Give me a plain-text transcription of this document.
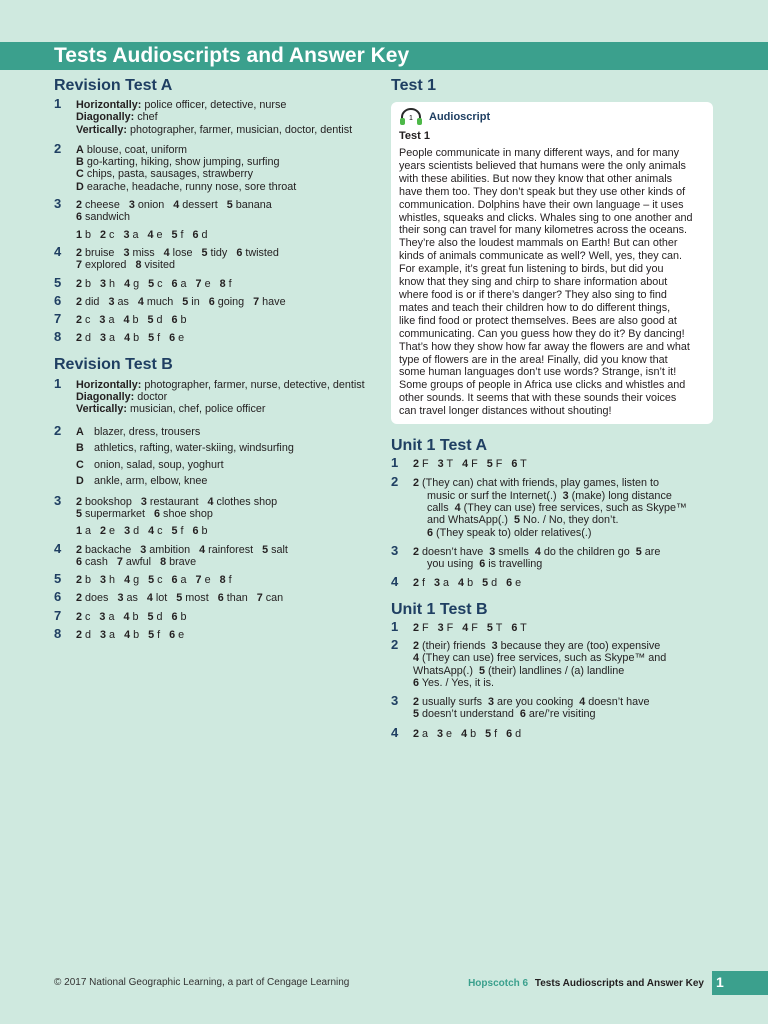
Tests Audioscripts and Answer Key
Revision Test A
1 Horizontally: police officer, detective, nurse
Diagonally: chef
Vertically: photographer, farmer, musician, doctor, dentist
2 A blouse, coat, uniform
B go-karting, hiking, show jumping, surfing
C chips, pasta, sausages, strawberry
D earache, headache, runny nose, sore throat
3 2 cheese 3 onion 4 dessert 5 banana
6 sandwich
1 b 2 c 3 a 4 e 5 f 6 d
4 2 bruise 3 miss 4 lose 5 tidy 6 twisted
7 explored 8 visited
5 2 b 3 h 4 g 5 c 6 a 7 e 8 f
6 2 did 3 as 4 much 5 in 6 going 7 have
7 2 c 3 a 4 b 5 d 6 b
8 2 d 3 a 4 b 5 f 6 e
Revision Test B
1 Horizontally: photographer, farmer, nurse, detective, dentist
Diagonally: doctor
Vertically: musician, chef, police officer
2 A blazer, dress, trousers
B athletics, rafting, water-skiing, windsurfing
C onion, salad, soup, yoghurt
D ankle, arm, elbow, knee
3 2 bookshop 3 restaurant 4 clothes shop
5 supermarket 6 shoe shop
1 a 2 e 3 d 4 c 5 f 6 b
4 2 backache 3 ambition 4 rainforest 5 salt
6 cash 7 awful 8 brave
5 2 b 3 h 4 g 5 c 6 a 7 e 8 f
6 2 does 3 as 4 lot 5 most 6 than 7 can
7 2 c 3 a 4 b 5 d 6 b
8 2 d 3 a 4 b 5 f 6 e
Test 1
1 Audioscript
Test 1
People communicate in many different ways, and for many
years scientists believed that humans were the only animals
with these abilities. But now they know that other animals
have them too. They don’t speak but they use other kinds of
communication. Dolphins have their own language – it uses
whistles, squeaks and clicks. Whales sing to one another and
their song can travel for many kilometres across the oceans.
They’re also the loudest mammals on Earth! But can other
kinds of animals communicate as well? Well, yes, they can.
For example, it’s great fun listening to birds, but did you
know that they sing and chirp to share information about
where food is or if there’s danger? They also sing to find
mates and teach their children how to do different things,
like find food or protect themselves. Bees are also good at
communicating. Can you guess how they do it? By dancing!
That’s how they show how far away the flowers are and what
type of flowers are in the area! Finally, did you know that
some human languages don’t use words? Strange, isn’t it!
Some groups of people in Africa use clicks and whistles and
other sounds. It seems that with these sounds their voices
can travel longer distances without shouting!
Unit 1 Test A
1 2 F 3 T 4 F 5 F 6 T
2 2 (They can) chat with friends, play games, listen to
music or surf the Internet(.) 3 (make) long distance
calls 4 (They can use) free services, such as Skype™
and WhatsApp(.) 5 No. / No, they don’t.
6 (They speak to) older relatives(.)
3 2 doesn’t have 3 smells 4 do the children go 5 are
you using 6 is travelling
4 2 f 3 a 4 b 5 d 6 e
Unit 1 Test B
1 2 F 3 F 4 F 5 T 6 T
2 2 (their) friends 3 because they are (too) expensive
4 (They can use) free services, such as Skype™ and
WhatsApp(.) 5 (their) landlines / (a) landline
6 Yes. / Yes, it is.
3 2 usually surfs 3 are you cooking 4 doesn’t have
5 doesn’t understand 6 are/’re visiting
4 2 a 3 e 4 b 5 f 6 d
© 2017 National Geographic Learning, a part of Cengage Learning	Hopscotch 6 Tests Audioscripts and Answer Key 1
